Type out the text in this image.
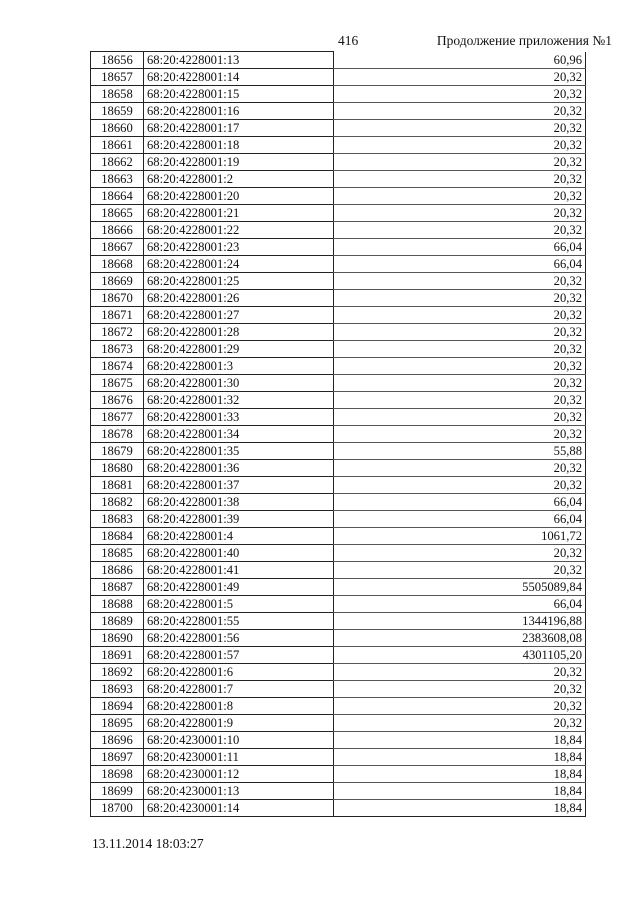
416	Продолжение приложения №1
18656	68:20:4228001:13	60,96
18657	68:20:4228001:14	20,32
18658	68:20:4228001:15	20,32
18659	68:20:4228001:16	20,32
18660	68:20:4228001:17	20,32
18661	68:20:4228001:18	20,32
18662	68:20:4228001:19	20,32
18663	68:20:4228001:2	20,32
18664	68:20:4228001:20	20,32
18665	68:20:4228001:21	20,32
18666	68:20:4228001:22	20,32
18667	68:20:4228001:23	66,04
18668	68:20:4228001:24	66,04
18669	68:20:4228001:25	20,32
18670	68:20:4228001:26	20,32
18671	68:20:4228001:27	20,32
18672	68:20:4228001:28	20,32
18673	68:20:4228001:29	20,32
18674	68:20:4228001:3	20,32
18675	68:20:4228001:30	20,32
18676	68:20:4228001:32	20,32
18677	68:20:4228001:33	20,32
18678	68:20:4228001:34	20,32
18679	68:20:4228001:35	55,88
18680	68:20:4228001:36	20,32
18681	68:20:4228001:37	20,32
18682	68:20:4228001:38	66,04
18683	68:20:4228001:39	66,04
18684	68:20:4228001:4	1061,72
18685	68:20:4228001:40	20,32
18686	68:20:4228001:41	20,32
18687	68:20:4228001:49	5505089,84
18688	68:20:4228001:5	66,04
18689	68:20:4228001:55	1344196,88
18690	68:20:4228001:56	2383608,08
18691	68:20:4228001:57	4301105,20
18692	68:20:4228001:6	20,32
18693	68:20:4228001:7	20,32
18694	68:20:4228001:8	20,32
18695	68:20:4228001:9	20,32
18696	68:20:4230001:10	18,84
18697	68:20:4230001:11	18,84
18698	68:20:4230001:12	18,84
18699	68:20:4230001:13	18,84
18700	68:20:4230001:14	18,84
13.11.2014 18:03:27
